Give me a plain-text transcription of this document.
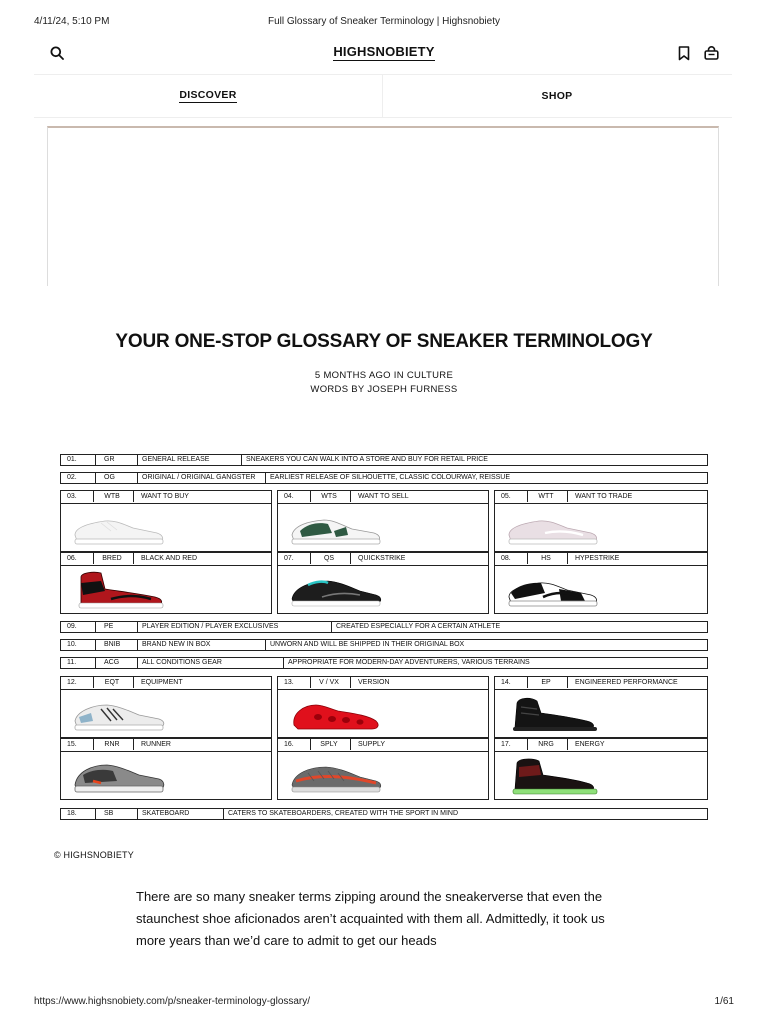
4/11/24, 5:10 PM	Full Glossary of Sneaker Terminology | Highsnobiety
HIGHSNOBIETY
DISCOVER	SHOP
YOUR ONE-STOP GLOSSARY OF SNEAKER TERMINOLOGY
5 MONTHS AGO IN CULTURE
WORDS BY JOSEPH FURNESS
01.	GR	GENERAL RELEASE	SNEAKERS YOU CAN WALK INTO A STORE AND BUY FOR RETAIL PRICE
02.	OG	ORIGINAL / ORIGINAL GANGSTER	EARLIEST RELEASE OF SILHOUETTE, CLASSIC COLOURWAY, REISSUE
03.	WTB	WANT TO BUY	04.	WTS	WANT TO SELL	05.	WTT	WANT TO TRADE
06.	BRED	BLACK AND RED	07.	QS	QUICKSTRIKE	08.	HS	HYPESTRIKE
09.	PE	PLAYER EDITION / PLAYER EXCLUSIVES	CREATED ESPECIALLY FOR A CERTAIN ATHLETE
10.	BNIB	BRAND NEW IN BOX	UNWORN AND WILL BE SHIPPED IN THEIR ORIGINAL BOX
11.	ACG	ALL CONDITIONS GEAR	APPROPRIATE FOR MODERN-DAY ADVENTURERS, VARIOUS TERRAINS
12.	EQT	EQUIPMENT	13.	V / VX	VERSION	14.	EP	ENGINEERED PERFORMANCE
15.	RNR	RUNNER	16.	SPLY	SUPPLY	17.	NRG	ENERGY
18.	SB	SKATEBOARD	CATERS TO SKATEBOARDERS, CREATED WITH THE SPORT IN MIND
© HIGHSNOBIETY

There are so many sneaker terms zipping around the sneakerverse that even the staunchest shoe aficionados aren’t acquainted with them all. Admittedly, it took us more years than we’d care to admit to get our heads

https://www.highsnobiety.com/p/sneaker-terminology-glossary/	1/61
